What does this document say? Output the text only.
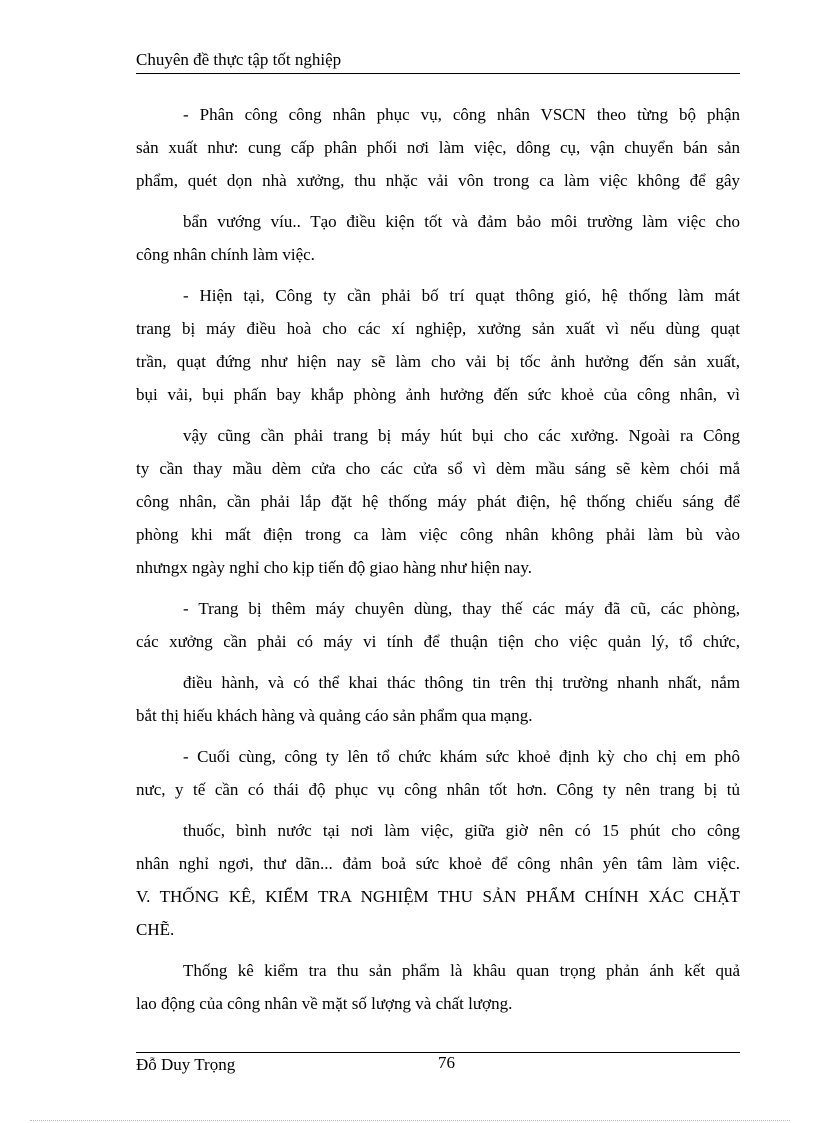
Chuyên đề thực tập tốt nghiệp
- Phân công công nhân phục vụ, công nhân VSCN theo từng bộ phận
sản xuất như: cung cấp phân phối nơi làm việc, dông cụ, vận chuyển bán sản
phẩm, quét dọn nhà xưởng, thu nhặc vải vôn trong ca làm việc không để gây
bẩn vướng víu.. Tạo điều kiện tốt và đảm bảo môi trường làm việc cho
công nhân chính làm việc.
- Hiện tại, Công ty cần phải bố trí quạt thông gió, hệ thống làm mát
trang bị máy điều hoà cho các xí nghiệp, xưởng sản xuất vì nếu dùng quạt
trần, quạt đứng như hiện nay sẽ làm cho vải bị tốc ảnh hưởng đến sản xuất,
bụi vải, bụi phấn bay khắp phòng ảnh hưởng đến sức khoẻ của công nhân, vì
vậy cũng cần phải trang bị máy hút bụi cho các xưởng. Ngoài ra Công
ty cần thay mầu dèm cửa cho các cửa sổ vì dèm mầu sáng sẽ kèm chói mắ
công nhân, cần phải lắp đặt hệ thống máy phát điện, hệ thống chiếu sáng để
phòng khi mất điện trong ca làm việc công nhân không phải làm bù vào
nhưngx ngày nghỉ cho kịp tiến độ giao hàng như hiện nay.
- Trang bị thêm máy chuyên dùng, thay thế các máy đã cũ, các phòng,
các xưởng cần phải có máy vi tính để thuận tiện cho việc quản lý, tổ chức,
điều hành, và có thể khai thác thông tin trên thị trường nhanh nhất, nắm
bắt thị hiếu khách hàng và quảng cáo sản phẩm qua mạng.
- Cuối cùng, công ty lên tổ chức khám sức khoẻ định kỳ cho chị em phô
nưc, y tế cần có thái độ phục vụ công nhân tốt hơn. Công ty nên trang bị tủ
thuốc, bình nước tại nơi làm việc, giữa giờ nên có 15 phút cho công
nhân nghỉ ngơi, thư dãn... đảm boả sức khoẻ để công nhân yên tâm làm việc.
V. THỐNG KÊ, KIỂM TRA NGHIỆM THU SẢN PHẨM CHÍNH XÁC CHẶT
CHẼ.
Thống kê kiểm tra thu sản phẩm là khâu quan trọng phản ánh kết quả
lao động của công nhân về mặt số lượng và chất lượng.
Đỗ Duy Trọng	76
